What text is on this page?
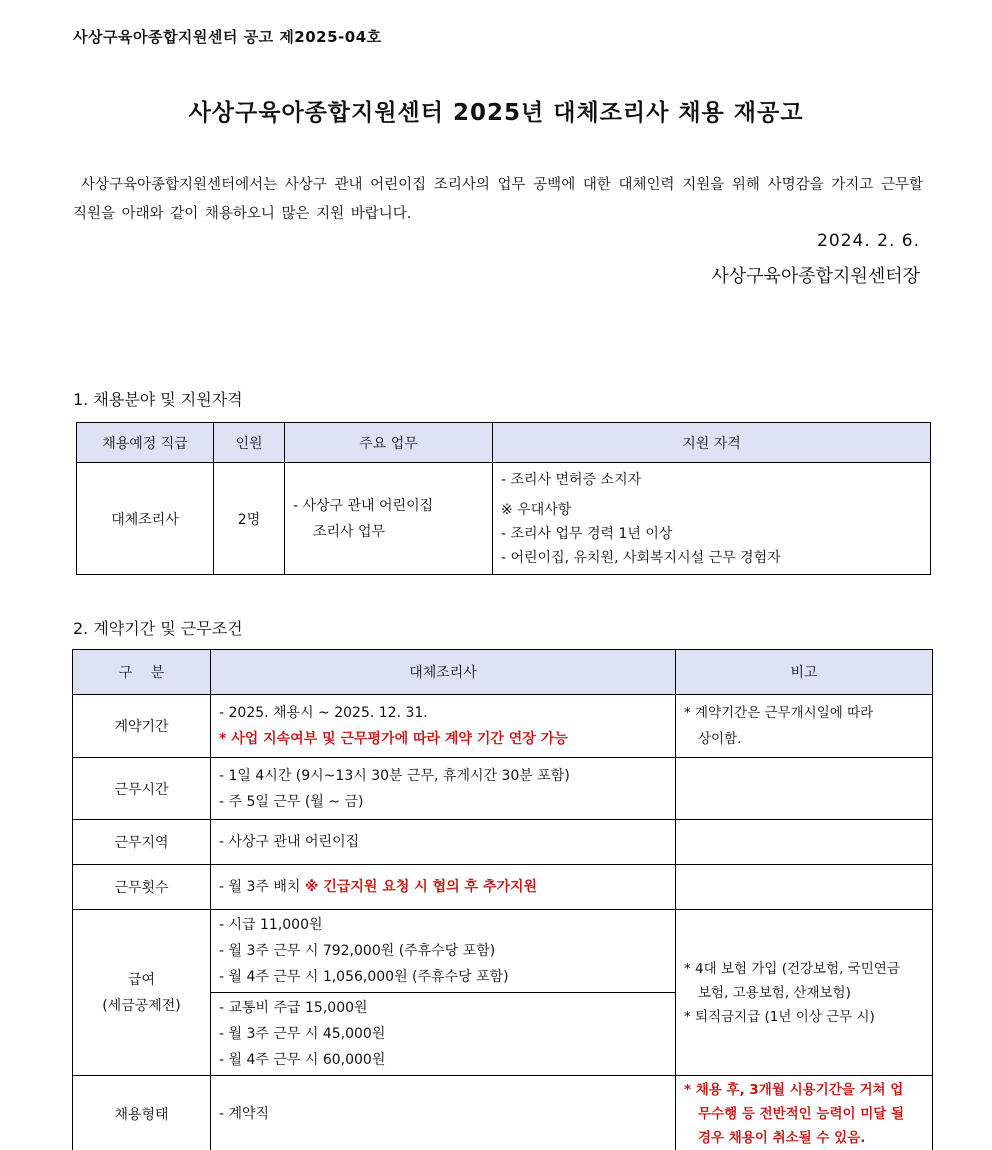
사상구육아종합지원센터 공고 제2025-04호
사상구육아종합지원센터 2025년 대체조리사 채용 재공고

사상구육아종합지원센터에서는 사상구 관내 어린이집 조리사의 업무 공백에 대한 대체인력 지원을 위해 사명감을 가지고 근무할 직원을 아래와 같이 채용하오니 많은 지원 바랍니다.

2024. 2. 6.
사상구육아종합지원센터장
1. 채용분야 및 지원자격
채용예정 직급	인원	주요 업무	지원 자격
대체조리사	2명	- 사상구 관내 어린이집
조리사 업무	- 조리사 면허증 소지자
※ 우대사항
- 조리사 업무 경력 1년 이상
- 어린이집, 유치원, 사회복지시설 근무 경험자
2. 계약기간 및 근무조건
구 분	대체조리사	비고
계약기간	- 2025. 채용시 ~ 2025. 12. 31.
* 사업 지속여부 및 근무평가에 따라 계약 기간 연장 가능	* 계약기간은 근무개시일에 따라
상이함.

근무시간	- 1일 4시간 (9시~13시 30분 근무, 휴게시간 30분 포함)
- 주 5일 근무 (월 ~ 금)	

근무지역	- 사상구 관내 어린이집	

근무횟수	- 월 3주 배치 ※ 긴급지원 요청 시 협의 후 추가지원	

급여
(세금공제전)	- 시급 11,000원
- 월 3주 근무 시 792,000원 (주휴수당 포함)
- 월 4주 근무 시 1,056,000원 (주휴수당 포함)	* 4대 보험 가입 (건강보험, 국민연금
보험, 고용보험, 산재보험)
* 퇴직금지급 (1년 이상 근무 시)

	- 교통비 주급 15,000원
- 월 3주 근무 시 45,000원
- 월 4주 근무 시 60,000원	

채용형태	- 계약직	* 채용 후, 3개월 시용기간을 거쳐 업
무수행 등 전반적인 능력이 미달 될
경우 채용이 취소될 수 있음.
